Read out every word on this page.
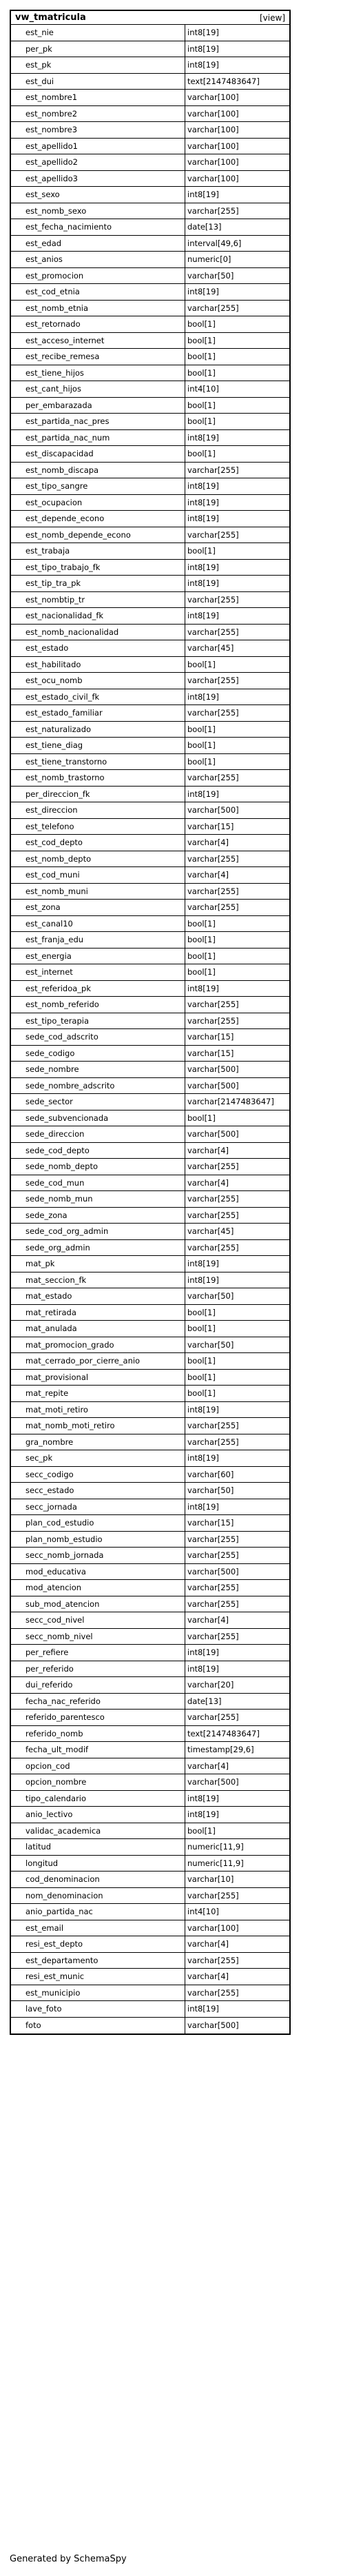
vw_tmatricula	[view]
est_nie	int8[19]
per_pk	int8[19]
est_pk	int8[19]
est_dui	text[2147483647]
est_nombre1	varchar[100]
est_nombre2	varchar[100]
est_nombre3	varchar[100]
est_apellido1	varchar[100]
est_apellido2	varchar[100]
est_apellido3	varchar[100]
est_sexo	int8[19]
est_nomb_sexo	varchar[255]
est_fecha_nacimiento	date[13]
est_edad	interval[49,6]
est_anios	numeric[0]
est_promocion	varchar[50]
est_cod_etnia	int8[19]
est_nomb_etnia	varchar[255]
est_retornado	bool[1]
est_acceso_internet	bool[1]
est_recibe_remesa	bool[1]
est_tiene_hijos	bool[1]
est_cant_hijos	int4[10]
per_embarazada	bool[1]
est_partida_nac_pres	bool[1]
est_partida_nac_num	int8[19]
est_discapacidad	bool[1]
est_nomb_discapa	varchar[255]
est_tipo_sangre	int8[19]
est_ocupacion	int8[19]
est_depende_econo	int8[19]
est_nomb_depende_econo	varchar[255]
est_trabaja	bool[1]
est_tipo_trabajo_fk	int8[19]
est_tip_tra_pk	int8[19]
est_nombtip_tr	varchar[255]
est_nacionalidad_fk	int8[19]
est_nomb_nacionalidad	varchar[255]
est_estado	varchar[45]
est_habilitado	bool[1]
est_ocu_nomb	varchar[255]
est_estado_civil_fk	int8[19]
est_estado_familiar	varchar[255]
est_naturalizado	bool[1]
est_tiene_diag	bool[1]
est_tiene_transtorno	bool[1]
est_nomb_trastorno	varchar[255]
per_direccion_fk	int8[19]
est_direccion	varchar[500]
est_telefono	varchar[15]
est_cod_depto	varchar[4]
est_nomb_depto	varchar[255]
est_cod_muni	varchar[4]
est_nomb_muni	varchar[255]
est_zona	varchar[255]
est_canal10	bool[1]
est_franja_edu	bool[1]
est_energia	bool[1]
est_internet	bool[1]
est_referidoa_pk	int8[19]
est_nomb_referido	varchar[255]
est_tipo_terapia	varchar[255]
sede_cod_adscrito	varchar[15]
sede_codigo	varchar[15]
sede_nombre	varchar[500]
sede_nombre_adscrito	varchar[500]
sede_sector	varchar[2147483647]
sede_subvencionada	bool[1]
sede_direccion	varchar[500]
sede_cod_depto	varchar[4]
sede_nomb_depto	varchar[255]
sede_cod_mun	varchar[4]
sede_nomb_mun	varchar[255]
sede_zona	varchar[255]
sede_cod_org_admin	varchar[45]
sede_org_admin	varchar[255]
mat_pk	int8[19]
mat_seccion_fk	int8[19]
mat_estado	varchar[50]
mat_retirada	bool[1]
mat_anulada	bool[1]
mat_promocion_grado	varchar[50]
mat_cerrado_por_cierre_anio	bool[1]
mat_provisional	bool[1]
mat_repite	bool[1]
mat_moti_retiro	int8[19]
mat_nomb_moti_retiro	varchar[255]
gra_nombre	varchar[255]
sec_pk	int8[19]
secc_codigo	varchar[60]
secc_estado	varchar[50]
secc_jornada	int8[19]
plan_cod_estudio	varchar[15]
plan_nomb_estudio	varchar[255]
secc_nomb_jornada	varchar[255]
mod_educativa	varchar[500]
mod_atencion	varchar[255]
sub_mod_atencion	varchar[255]
secc_cod_nivel	varchar[4]
secc_nomb_nivel	varchar[255]
per_refiere	int8[19]
per_referido	int8[19]
dui_referido	varchar[20]
fecha_nac_referido	date[13]
referido_parentesco	varchar[255]
referido_nomb	text[2147483647]
fecha_ult_modif	timestamp[29,6]
opcion_cod	varchar[4]
opcion_nombre	varchar[500]
tipo_calendario	int8[19]
anio_lectivo	int8[19]
validac_academica	bool[1]
latitud	numeric[11,9]
longitud	numeric[11,9]
cod_denominacion	varchar[10]
nom_denominacion	varchar[255]
anio_partida_nac	int4[10]
est_email	varchar[100]
resi_est_depto	varchar[4]
est_departamento	varchar[255]
resi_est_munic	varchar[4]
est_municipio	varchar[255]
lave_foto	int8[19]
foto	varchar[500]
Generated by SchemaSpy
